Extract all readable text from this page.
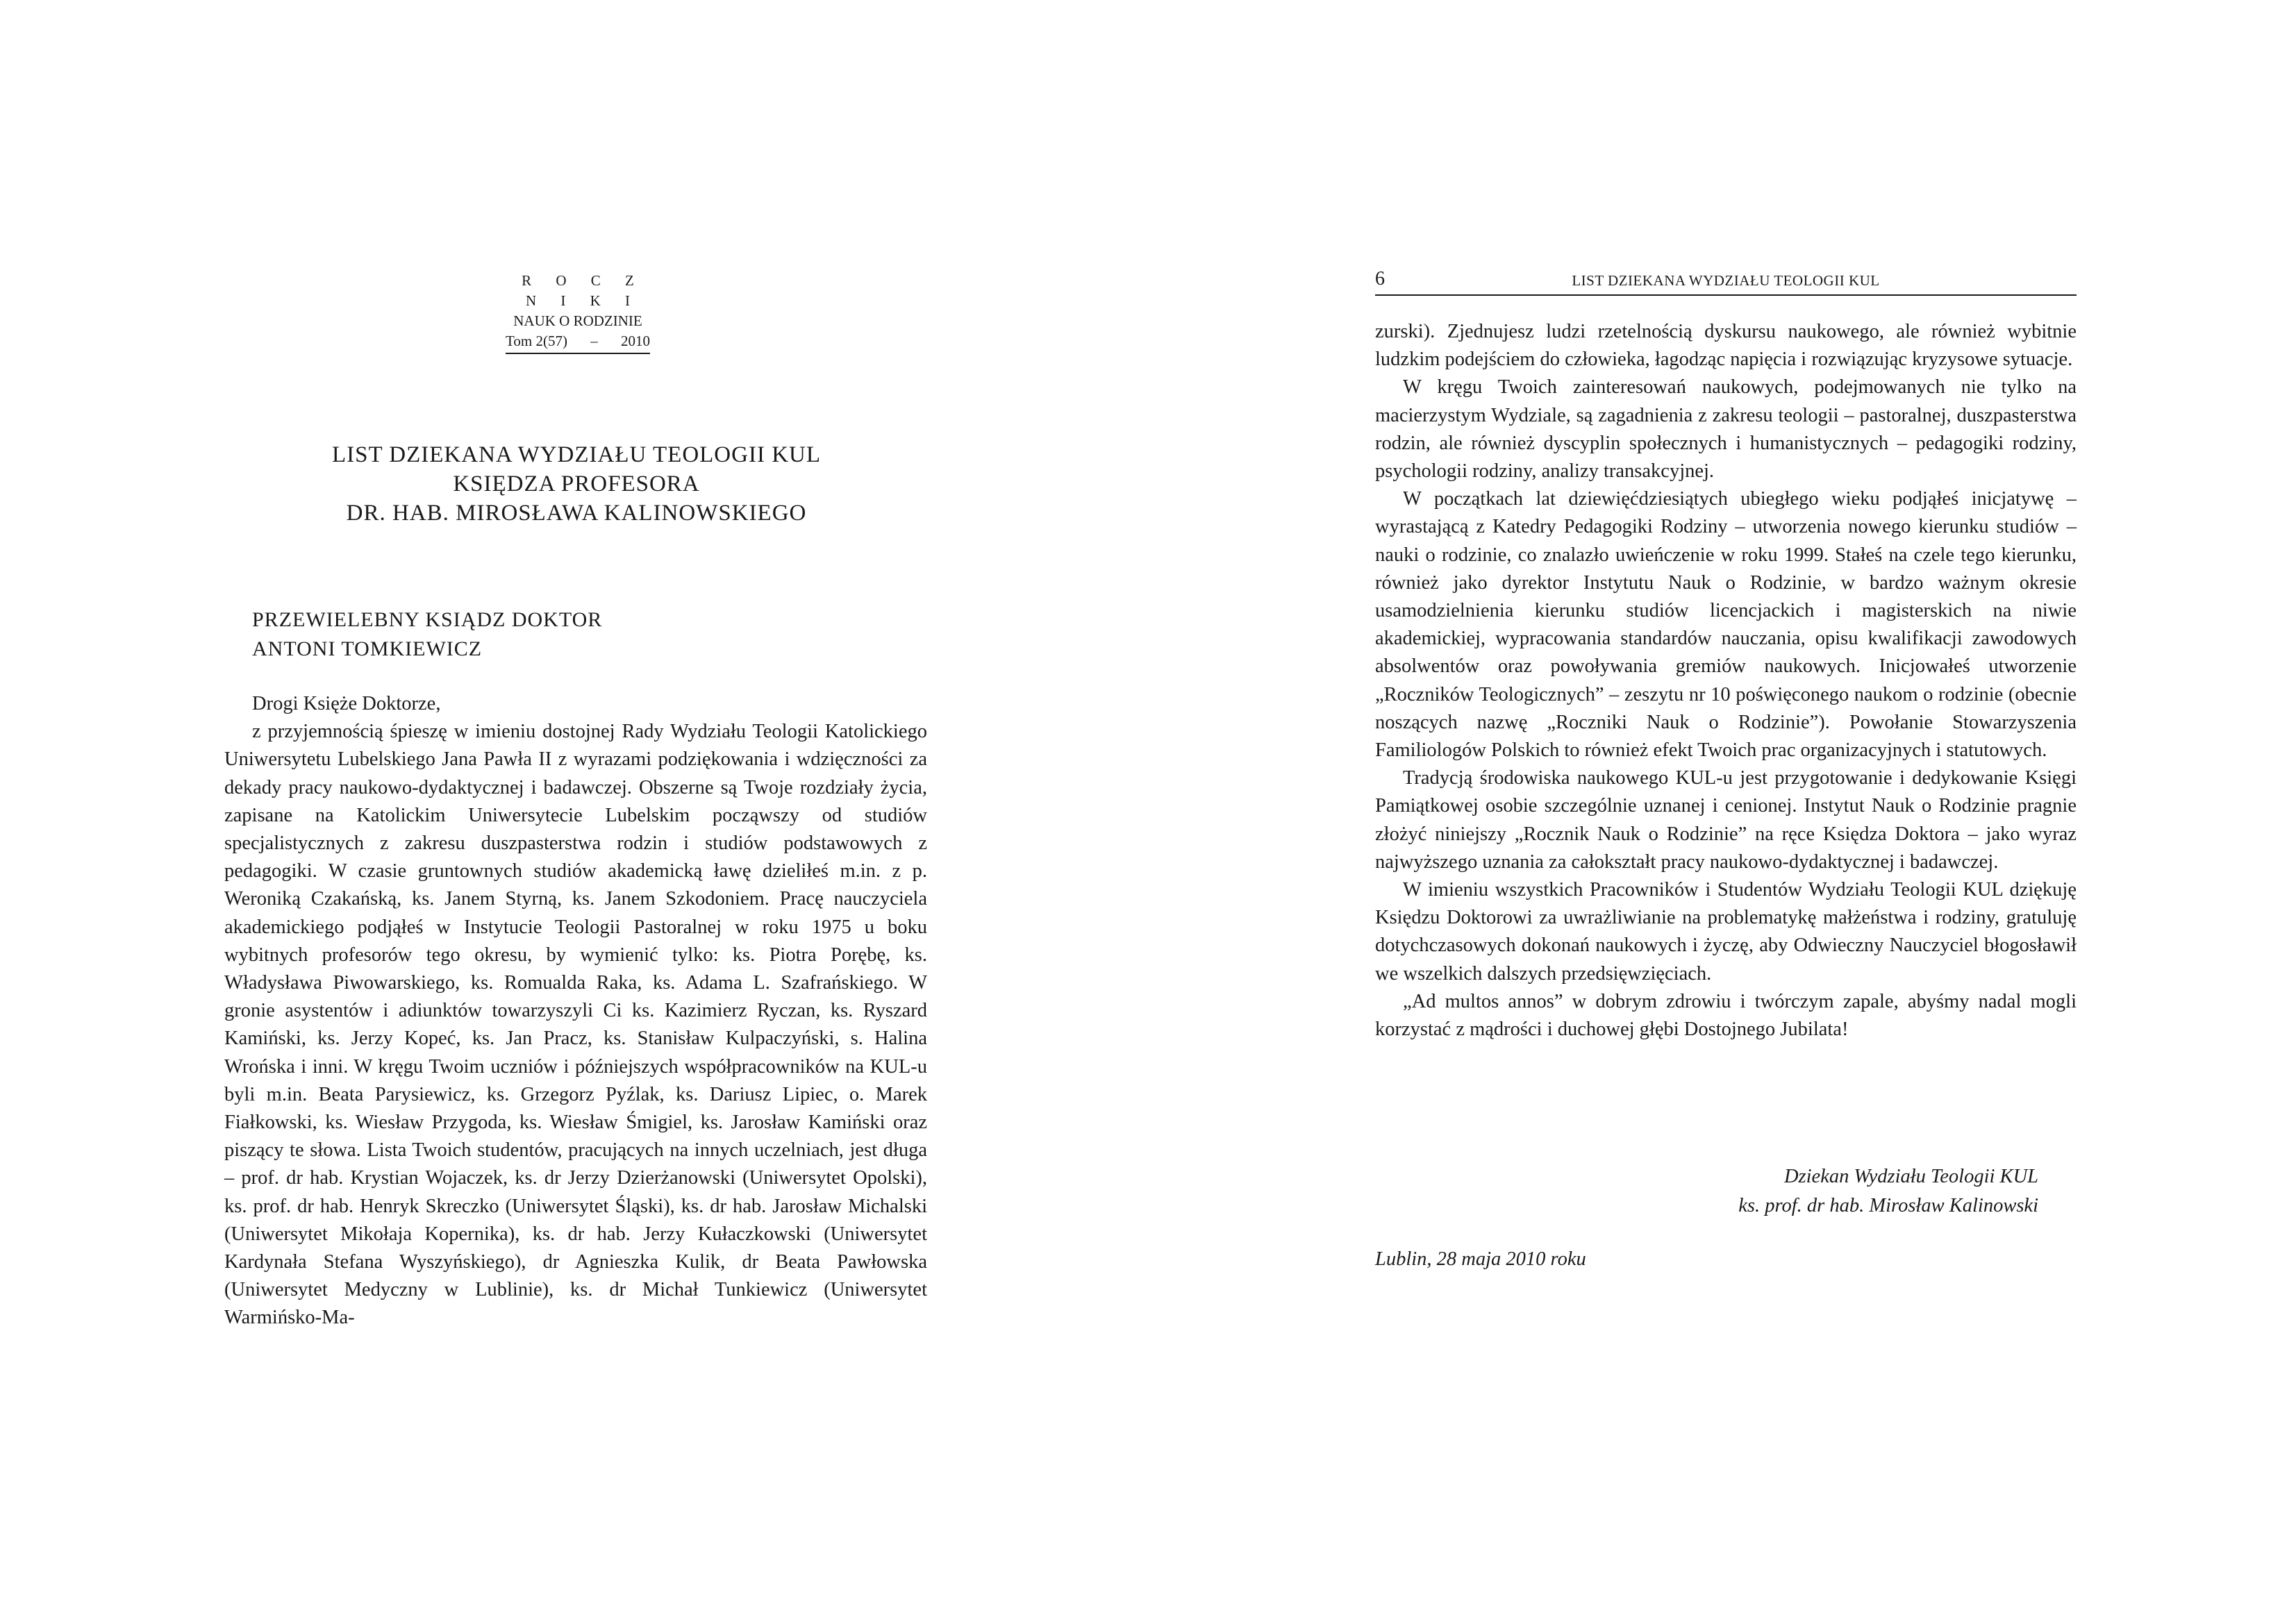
R O C Z N I K I
NAUK O RODZINIE
Tom 2(57) – 2010
LIST DZIEKANA WYDZIAŁU TEOLOGII KUL
KSIĘDZA PROFESORA
DR. HAB. MIROSŁAWA KALINOWSKIEGO
PRZEWIELEBNY KSIĄDZ DOKTOR
ANTONI TOMKIEWICZ

Drogi Księże Doktorze,

z przyjemnością śpieszę w imieniu dostojnej Rady Wydziału Teologii Katolickiego Uniwersytetu Lubelskiego Jana Pawła II z wyrazami podziękowania i wdzięczności za dekady pracy naukowo-dydaktycznej i badawczej. Obszerne są Twoje rozdziały życia, zapisane na Katolickim Uniwersytecie Lubelskim począwszy od studiów specjalistycznych z zakresu duszpasterstwa rodzin i studiów podstawowych z pedagogiki. W czasie gruntownych studiów akademicką ławę dzieliłeś m.in. z p. Weroniką Czakańską, ks. Janem Styrną, ks. Janem Szkodoniem. Pracę nauczyciela akademickiego podjąłeś w Instytucie Teologii Pastoralnej w roku 1975 u boku wybitnych profesorów tego okresu, by wymienić tylko: ks. Piotra Porębę, ks. Władysława Piwowarskiego, ks. Romualda Raka, ks. Adama L. Szafrańskiego. W gronie asystentów i adiunktów towarzyszyli Ci ks. Kazimierz Ryczan, ks. Ryszard Kamiński, ks. Jerzy Kopeć, ks. Jan Pracz, ks. Stanisław Kulpaczyński, s. Halina Wrońska i inni. W kręgu Twoim uczniów i późniejszych współpracowników na KUL-u byli m.in. Beata Parysiewicz, ks. Grzegorz Pyźlak, ks. Dariusz Lipiec, o. Marek Fiałkowski, ks. Wiesław Przygoda, ks. Wiesław Śmigiel, ks. Jarosław Kamiński oraz piszący te słowa. Lista Twoich studentów, pracujących na innych uczelniach, jest długa – prof. dr hab. Krystian Wojaczek, ks. dr Jerzy Dzierżanowski (Uniwersytet Opolski), ks. prof. dr hab. Henryk Skreczko (Uniwersytet Śląski), ks. dr hab. Jarosław Michalski (Uniwersytet Mikołaja Kopernika), ks. dr hab. Jerzy Kułaczkowski (Uniwersytet Kardynała Stefana Wyszyńskiego), dr Agnieszka Kulik, dr Beata Pawłowska (Uniwersytet Medyczny w Lublinie), ks. dr Michał Tunkiewicz (Uniwersytet Warmińsko-Ma-

6	LIST DZIEKANA WYDZIAŁU TEOLOGII KUL

zurski). Zjednujesz ludzi rzetelnością dyskursu naukowego, ale również wybitnie ludzkim podejściem do człowieka, łagodząc napięcia i rozwiązując kryzysowe sytuacje.

W kręgu Twoich zainteresowań naukowych, podejmowanych nie tylko na macierzystym Wydziale, są zagadnienia z zakresu teologii – pastoralnej, duszpasterstwa rodzin, ale również dyscyplin społecznych i humanistycznych – pedagogiki rodziny, psychologii rodziny, analizy transakcyjnej.

W początkach lat dziewięćdziesiątych ubiegłego wieku podjąłeś inicjatywę – wyrastającą z Katedry Pedagogiki Rodziny – utworzenia nowego kierunku studiów – nauki o rodzinie, co znalazło uwieńczenie w roku 1999. Stałeś na czele tego kierunku, również jako dyrektor Instytutu Nauk o Rodzinie, w bardzo ważnym okresie usamodzielnienia kierunku studiów licencjackich i magisterskich na niwie akademickiej, wypracowania standardów nauczania, opisu kwalifikacji zawodowych absolwentów oraz powoływania gremiów naukowych. Inicjowałeś utworzenie „Roczników Teologicznych” – zeszytu nr 10 poświęconego naukom o rodzinie (obecnie noszących nazwę „Roczniki Nauk o Rodzinie”). Powołanie Stowarzyszenia Familiologów Polskich to również efekt Twoich prac organizacyjnych i statutowych.

Tradycją środowiska naukowego KUL-u jest przygotowanie i dedykowanie Księgi Pamiątkowej osobie szczególnie uznanej i cenionej. Instytut Nauk o Rodzinie pragnie złożyć niniejszy „Rocznik Nauk o Rodzinie” na ręce Księdza Doktora – jako wyraz najwyższego uznania za całokształt pracy naukowo-dydaktycznej i badawczej.

W imieniu wszystkich Pracowników i Studentów Wydziału Teologii KUL dziękuję Księdzu Doktorowi za uwrażliwianie na problematykę małżeństwa i rodziny, gratuluję dotychczasowych dokonań naukowych i życzę, aby Odwieczny Nauczyciel błogosławił we wszelkich dalszych przedsięwzięciach.

„Ad multos annos” w dobrym zdrowiu i twórczym zapale, abyśmy nadal mogli korzystać z mądrości i duchowej głębi Dostojnego Jubilata!

Dziekan Wydziału Teologii KUL
ks. prof. dr hab. Mirosław Kalinowski
Lublin, 28 maja 2010 roku
